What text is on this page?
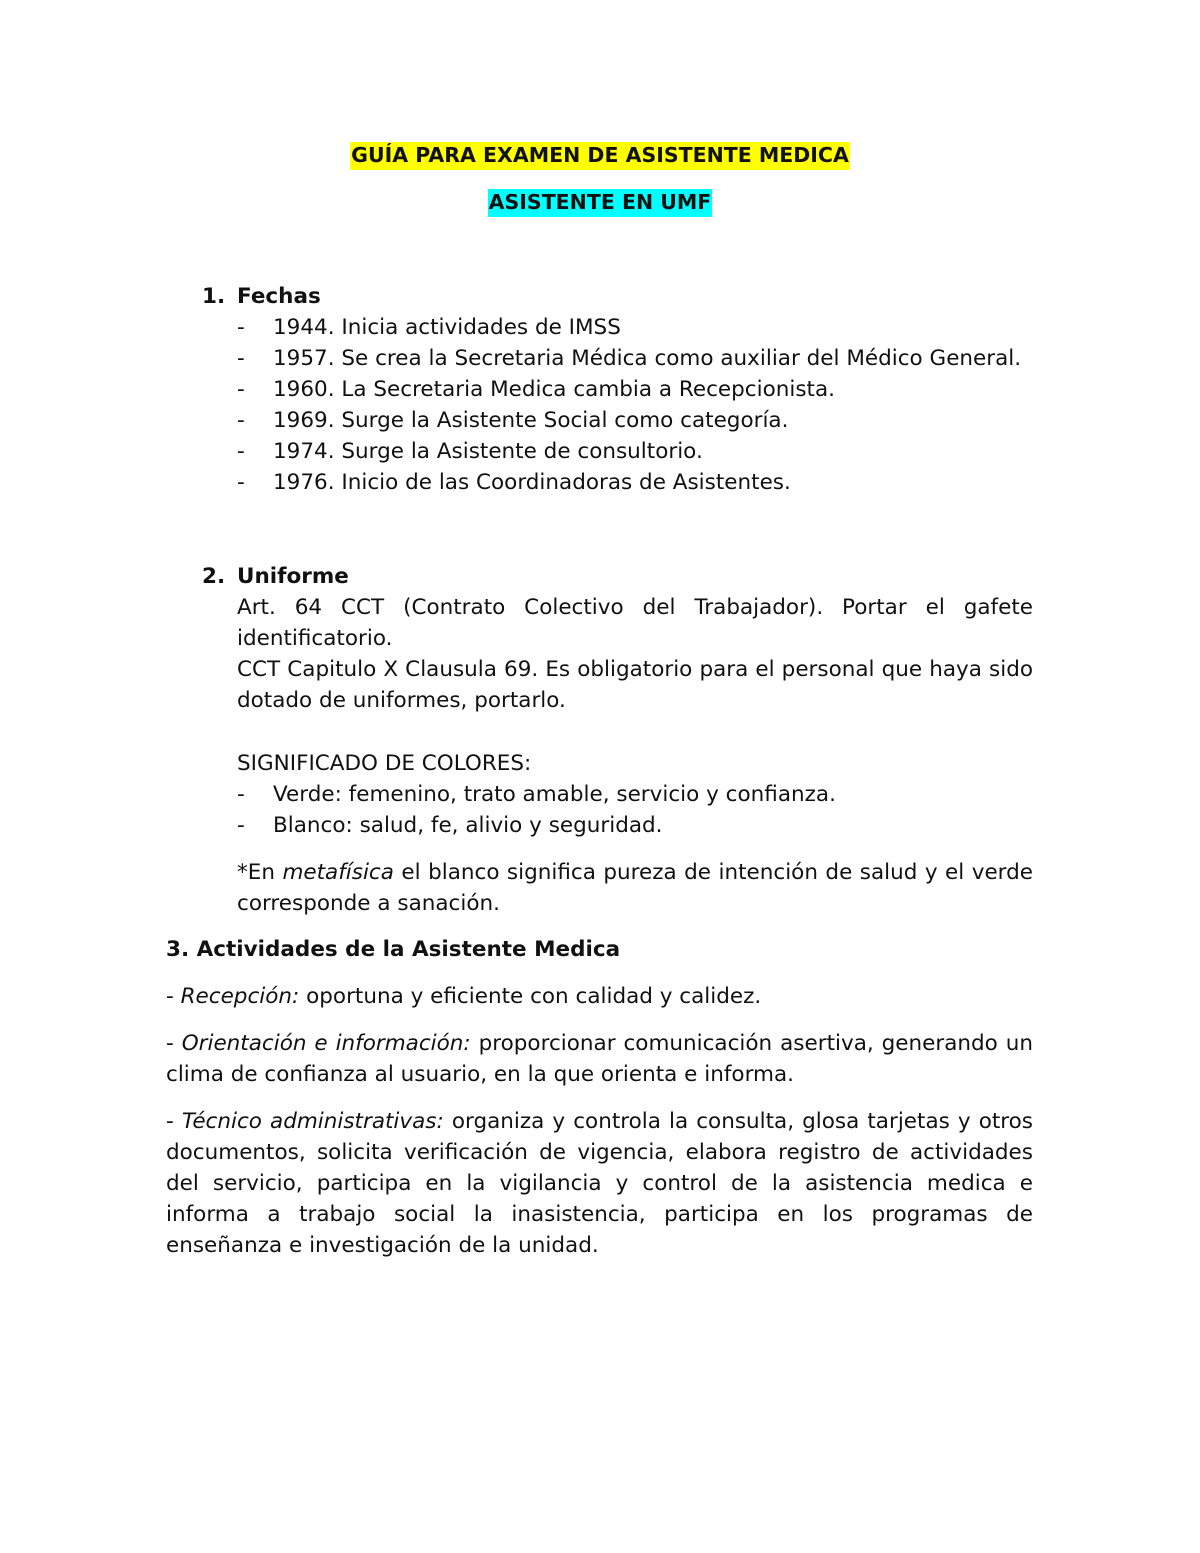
GUÍA PARA EXAMEN DE ASISTENTE MEDICA
ASISTENTE EN UMF
1. Fechas
- 1944. Inicia actividades de IMSS
- 1957. Se crea la Secretaria Médica como auxiliar del Médico General.
- 1960. La Secretaria Medica cambia a Recepcionista.
- 1969. Surge la Asistente Social como categoría.
- 1974. Surge la Asistente de consultorio.
- 1976. Inicio de las Coordinadoras de Asistentes.
2. Uniforme

Art. 64 CCT (Contrato Colectivo del Trabajador). Portar el gafete identificatorio.

CCT Capitulo X Clausula 69. Es obligatorio para el personal que haya sido dotado de uniformes, portarlo.

SIGNIFICADO DE COLORES:
- Verde: femenino, trato amable, servicio y confianza.
- Blanco: salud, fe, alivio y seguridad.

*En metafísica el blanco significa pureza de intención de salud y el verde corresponde a sanación.

3. Actividades de la Asistente Medica

- Recepción: oportuna y eficiente con calidad y calidez.

- Orientación e información: proporcionar comunicación asertiva, generando un clima de confianza al usuario, en la que orienta e informa.

- Técnico administrativas: organiza y controla la consulta, glosa tarjetas y otros documentos, solicita verificación de vigencia, elabora registro de actividades del servicio, participa en la vigilancia y control de la asistencia medica e informa a trabajo social la inasistencia, participa en los programas de enseñanza e investigación de la unidad.
